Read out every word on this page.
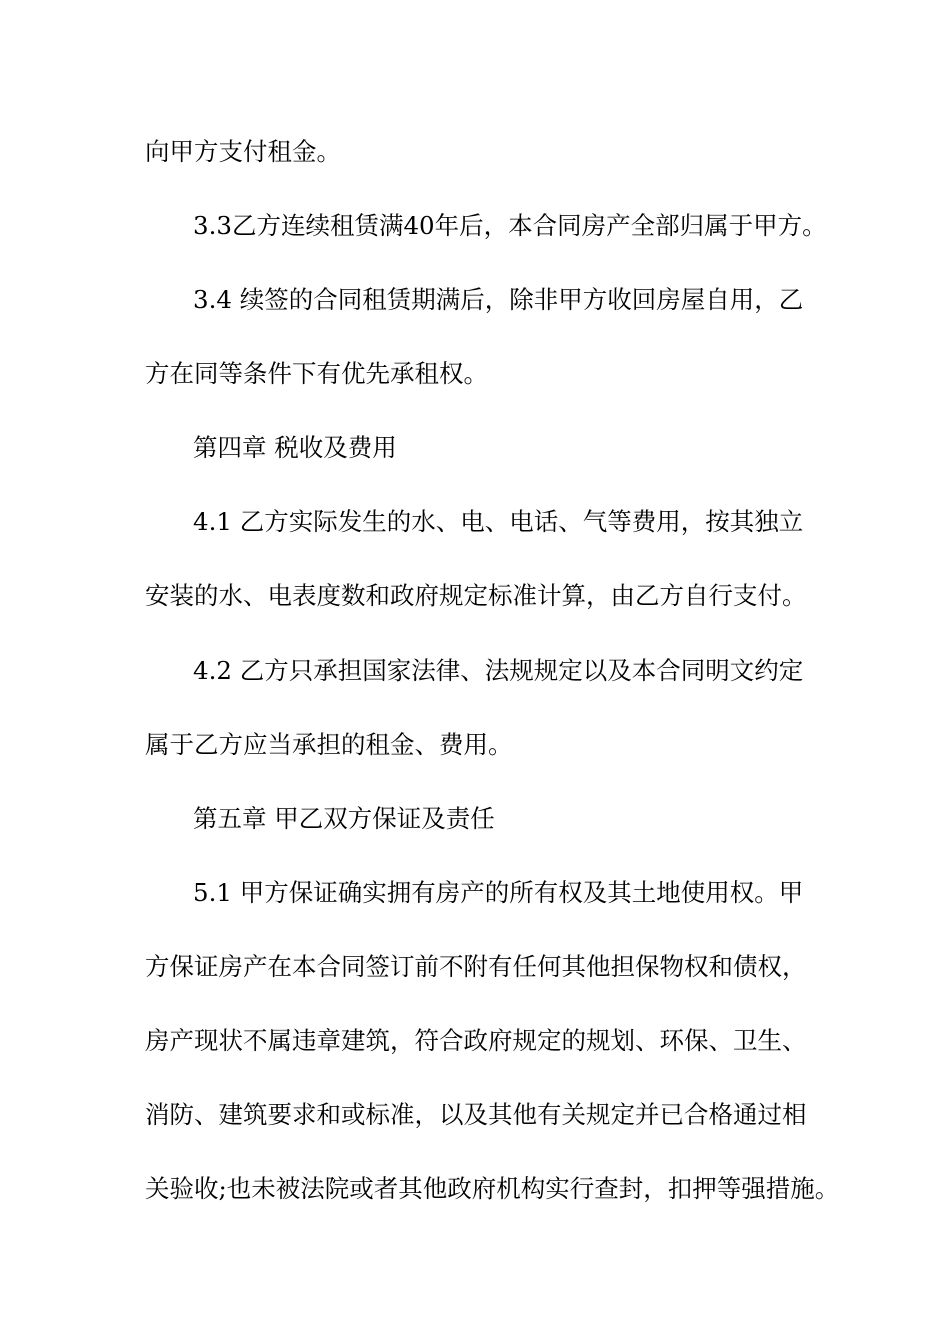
向甲方支付租金。
3.3乙方连续租赁满40年后，本合同房产全部归属于甲方。
3.4 续签的合同租赁期满后，除非甲方收回房屋自用，乙
方在同等条件下有优先承租权。
第四章 税收及费用
4.1 乙方实际发生的水、电、电话、气等费用，按其独立
安装的水、电表度数和政府规定标准计算，由乙方自行支付。
4.2 乙方只承担国家法律、法规规定以及本合同明文约定
属于乙方应当承担的租金、费用。
第五章 甲乙双方保证及责任
5.1 甲方保证确实拥有房产的所有权及其土地使用权。甲
方保证房产在本合同签订前不附有任何其他担保物权和债权，
房产现状不属违章建筑，符合政府规定的规划、环保、卫生、
消防、建筑要求和或标准，以及其他有关规定并已合格通过相
关验收;也未被法院或者其他政府机构实行查封，扣押等强措施。
